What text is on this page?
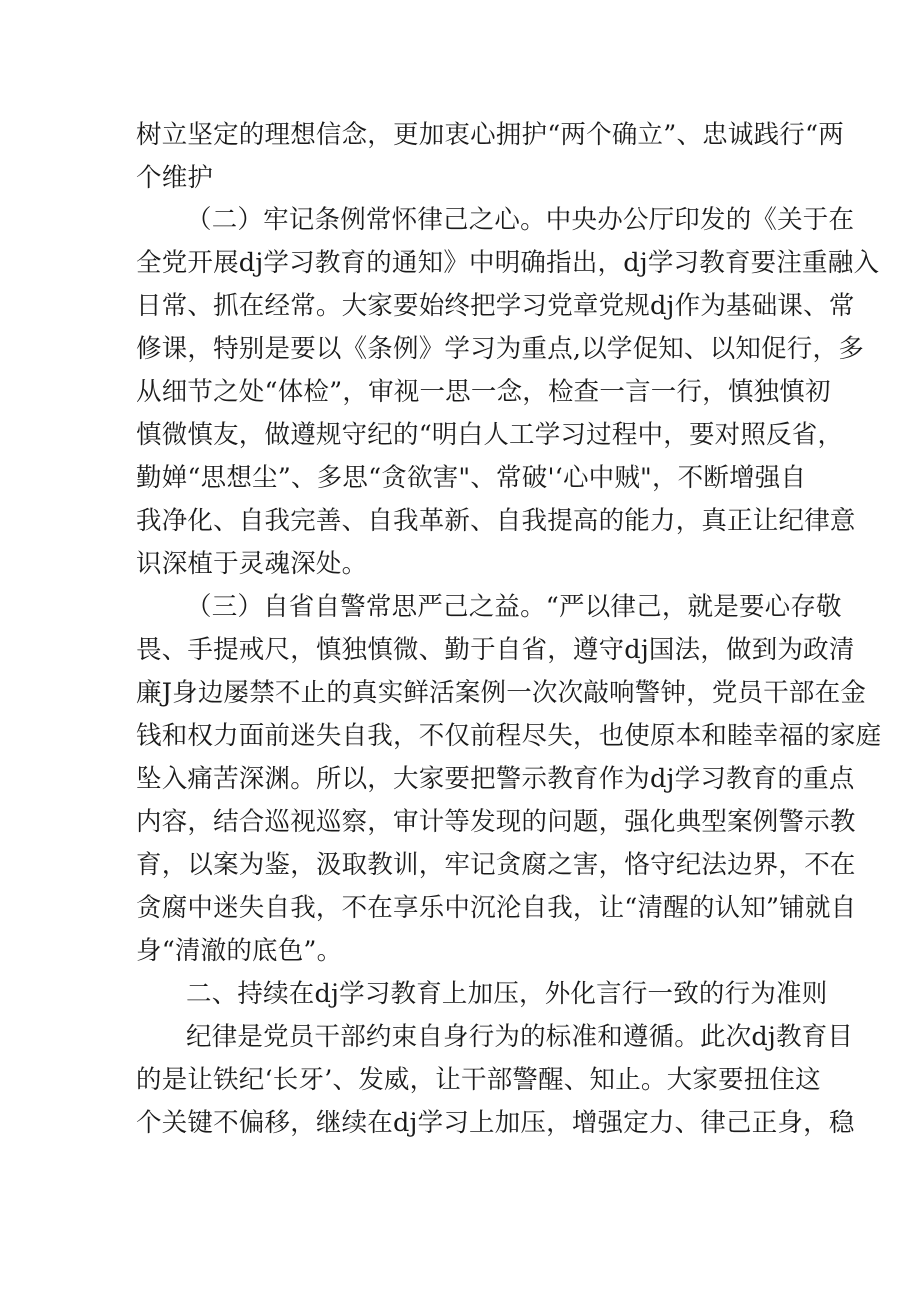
树立坚定的理想信念，更加衷心拥护“两个确立”、忠诚践行“两
个维护
（二）牢记条例常怀律己之心。中央办公厅印发的《关于在
全党开展dj学习教育的通知》中明确指出，dj学习教育要注重融入
日常、抓在经常。大家要始终把学习党章党规dj作为基础课、常
修课，特别是要以《条例》学习为重点,以学促知、以知促行，多
从细节之处“体检”，审视一思一念，检查一言一行，慎独慎初
慎微慎友，做遵规守纪的“明白人工学习过程中，要对照反省，
勤婵“思想尘”、多思“贪欲害"、常破'‘心中贼"，不断增强自
我净化、自我完善、自我革新、自我提高的能力，真正让纪律意
识深植于灵魂深处。
（三）自省自警常思严己之益。“严以律己，就是要心存敬
畏、手提戒尺，慎独慎微、勤于自省，遵守dj国法，做到为政清
廉J身边屡禁不止的真实鲜活案例一次次敲响警钟，党员干部在金
钱和权力面前迷失自我，不仅前程尽失，也使原本和睦幸福的家庭
坠入痛苦深渊。所以，大家要把警示教育作为dj学习教育的重点
内容，结合巡视巡察，审计等发现的问题，强化典型案例警示教
育，以案为鉴，汲取教训，牢记贪腐之害，恪守纪法边界，不在
贪腐中迷失自我，不在享乐中沉沦自我，让“清醒的认知”铺就自
身“清澈的底色”。
二、持续在dj学习教育上加压，外化言行一致的行为准则
纪律是党员干部约束自身行为的标准和遵循。此次dj教育目
的是让铁纪‘长牙’、发威，让干部警醒、知止。大家要扭住这
个关键不偏移，继续在dj学习上加压，增强定力、律己正身，稳
